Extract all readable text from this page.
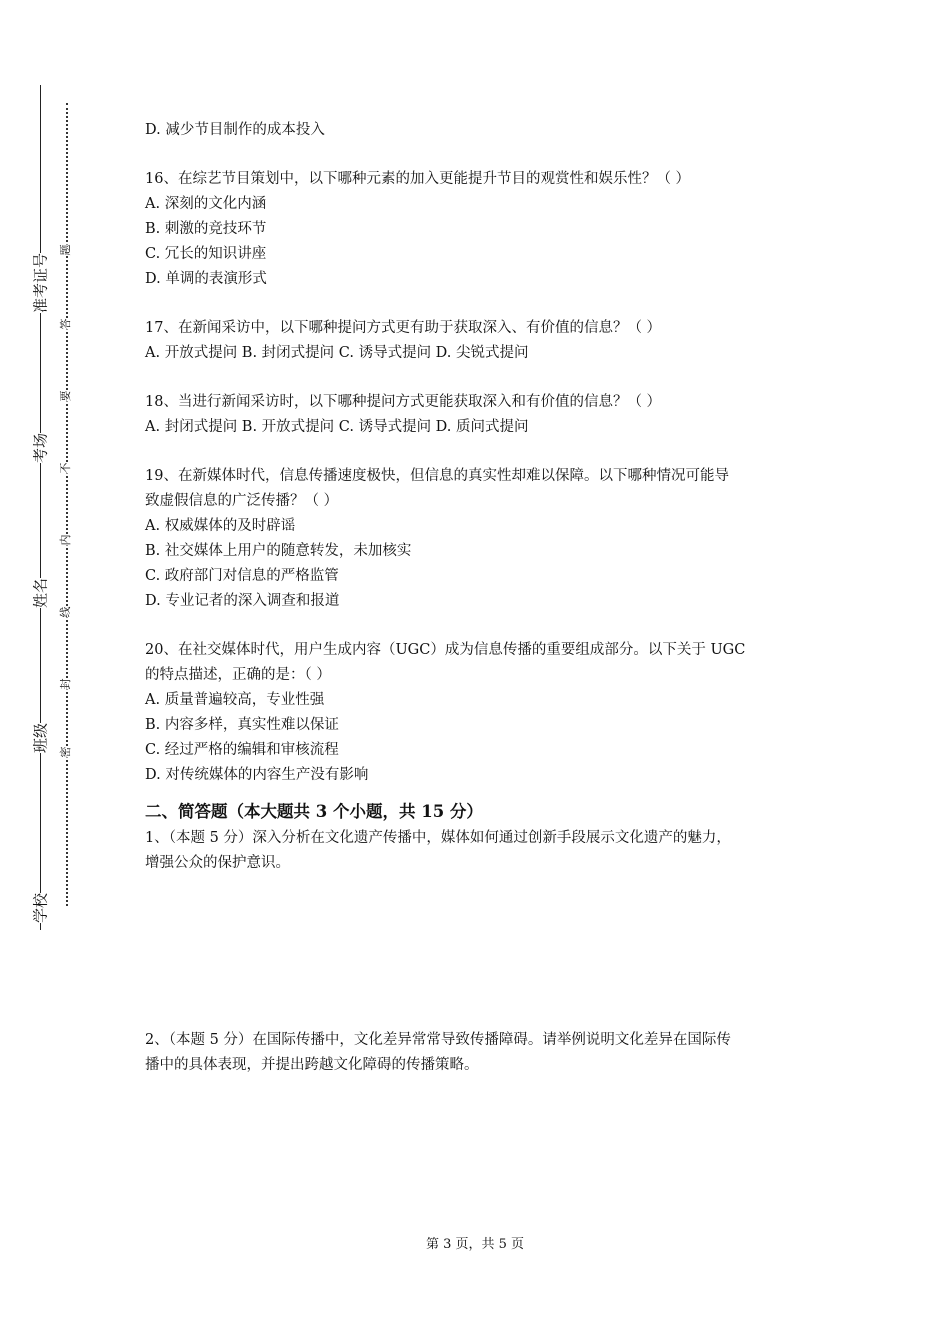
准考证号
考场
姓名
班级
学校
题
答
要
不
内
线
封
密
D. 减少节目制作的成本投入
16、在综艺节目策划中，以下哪种元素的加入更能提升节目的观赏性和娱乐性？（ ）
A. 深刻的文化内涵
B. 刺激的竞技环节
C. 冗长的知识讲座
D. 单调的表演形式
17、在新闻采访中，以下哪种提问方式更有助于获取深入、有价值的信息？（ ）
A. 开放式提问 B. 封闭式提问 C. 诱导式提问 D. 尖锐式提问
18、当进行新闻采访时，以下哪种提问方式更能获取深入和有价值的信息？（ ）
A. 封闭式提问 B. 开放式提问 C. 诱导式提问 D. 质问式提问
19、在新媒体时代，信息传播速度极快，但信息的真实性却难以保障。以下哪种情况可能导
致虚假信息的广泛传播？（ ）
A. 权威媒体的及时辟谣
B. 社交媒体上用户的随意转发，未加核实
C. 政府部门对信息的严格监管
D. 专业记者的深入调查和报道
20、在社交媒体时代，用户生成内容（UGC）成为信息传播的重要组成部分。以下关于 UGC
的特点描述，正确的是：（ ）
A. 质量普遍较高，专业性强
B. 内容多样，真实性难以保证
C. 经过严格的编辑和审核流程
D. 对传统媒体的内容生产没有影响
二、简答题（本大题共 3 个小题，共 15 分）
1、（本题 5 分）深入分析在文化遗产传播中，媒体如何通过创新手段展示文化遗产的魅力，
增强公众的保护意识。
2、（本题 5 分）在国际传播中，文化差异常常导致传播障碍。请举例说明文化差异在国际传
播中的具体表现，并提出跨越文化障碍的传播策略。
第 3 页，共 5 页
